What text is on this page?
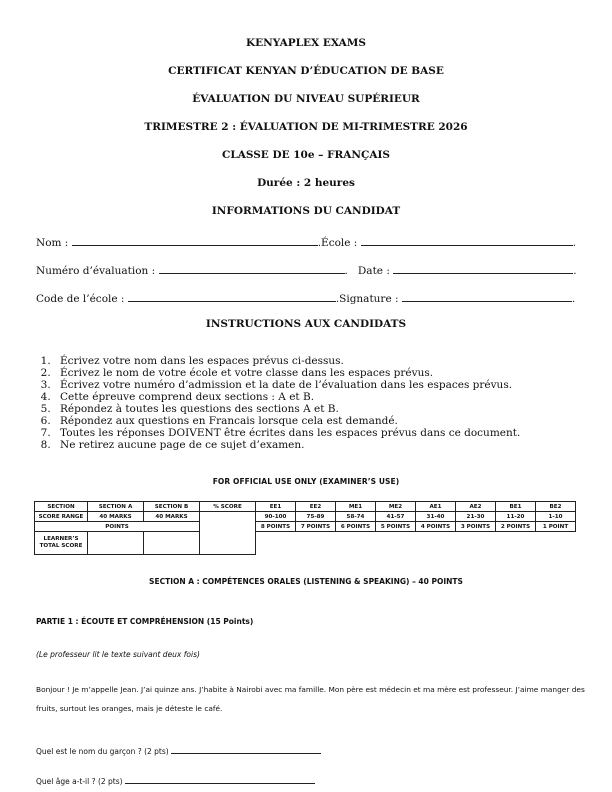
KENYAPLEX EXAMS
CERTIFICAT KENYAN D’ÉDUCATION DE BASE
ÉVALUATION DU NIVEAU SUPÉRIEUR
TRIMESTRE 2 : ÉVALUATION DE MI-TRIMESTRE 2026
CLASSE DE 10e – FRANÇAIS
Durée : 2 heures
INFORMATIONS DU CANDIDAT
Nom :	.École :	.
Numéro d’évaluation :	. Date :	.
Code de l’école :	.Signature :	.
INSTRUCTIONS AUX CANDIDATS
1. Écrivez votre nom dans les espaces prévus ci-dessus.
2. Écrivez le nom de votre école et votre classe dans les espaces prévus.
3. Écrivez votre numéro d’admission et la date de l’évaluation dans les espaces prévus.
4. Cette épreuve comprend deux sections : A et B.
5. Répondez à toutes les questions des sections A et B.
6. Répondez aux questions en Francais lorsque cela est demandé.
7. Toutes les réponses DOIVENT être écrites dans les espaces prévus dans ce document.
8. Ne retirez aucune page de ce sujet d’examen.
FOR OFFICIAL USE ONLY (EXAMINER’S USE)
SECTION	SECTION A	SECTION B	% SCORE	EE1	EE2	ME1	ME2	AE1	AE2	BE1	BE2
SCORE RANGE	40 MARKS	40 MARKS		90-100	75-89	58-74	41-57	31-40	21-30	11-20	1-10
POINTS				8 POINTS	7 POINTS	6 POINTS	5 POINTS	4 POINTS	3 POINTS	2 POINTS	1 POINT
LEARNER’S TOTAL SCORE											
SECTION A : COMPÉTENCES ORALES (LISTENING & SPEAKING) – 40 POINTS
PARTIE 1 : ÉCOUTE ET COMPRÉHENSION (15 Points)
(Le professeur lit le texte suivant deux fois)
Bonjour ! Je m’appelle Jean. J’ai quinze ans. J’habite à Nairobi avec ma famille. Mon père est médecin et ma mère est professeur. J’aime manger des fruits, surtout les oranges, mais je déteste le café.
Quel est le nom du garçon ? (2 pts)
Quel âge a-t-il ? (2 pts)
